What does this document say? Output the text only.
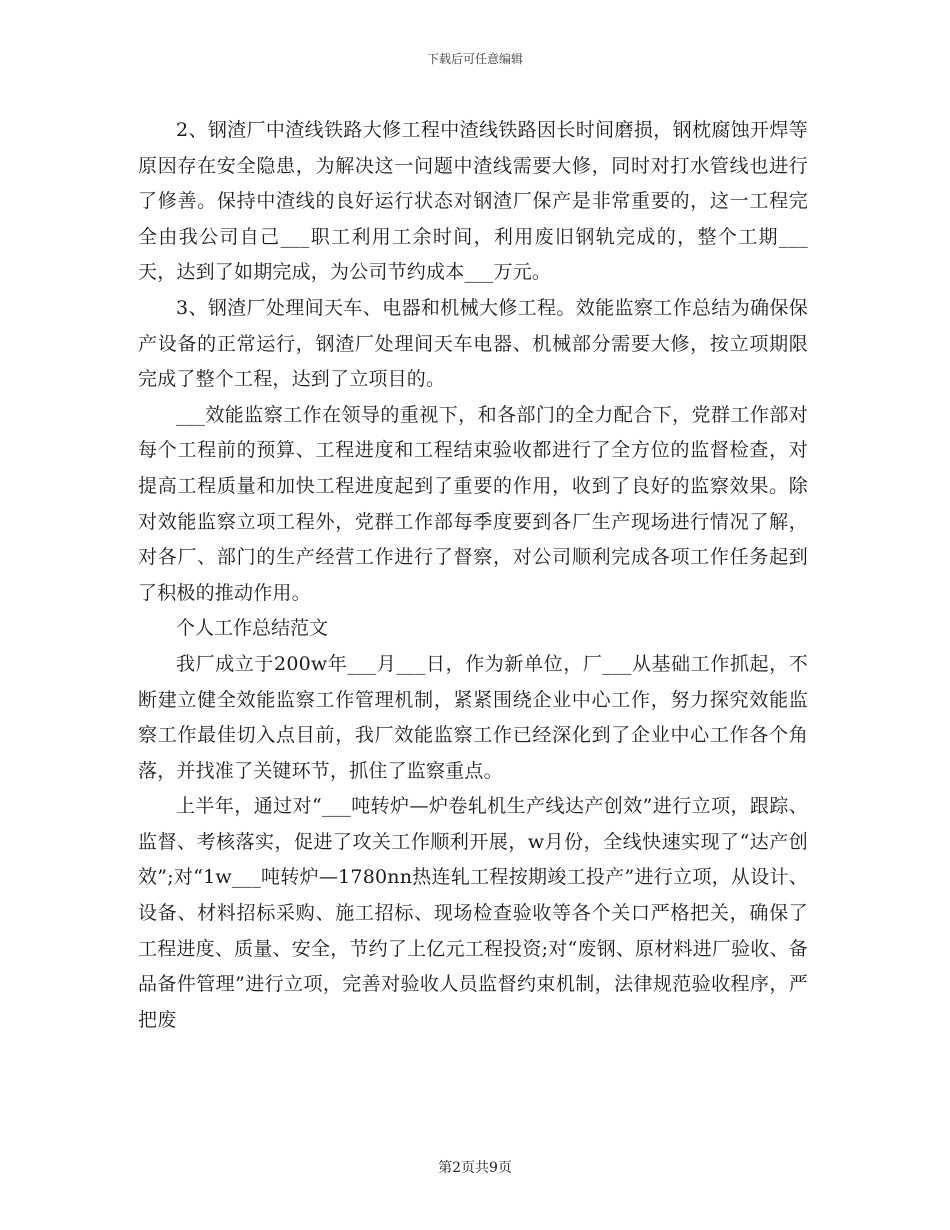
下载后可任意编辑

2、钢渣厂中渣线铁路大修工程中渣线铁路因长时间磨损，钢枕腐蚀开焊等原因存在安全隐患，为解决这一问题中渣线需要大修，同时对打水管线也进行了修善。保持中渣线的良好运行状态对钢渣厂保产是非常重要的，这一工程完全由我公司自己___职工利用工余时间，利用废旧钢轨完成的，整个工期___天，达到了如期完成，为公司节约成本___万元。

3、钢渣厂处理间天车、电器和机械大修工程。效能监察工作总结为确保保产设备的正常运行，钢渣厂处理间天车电器、机械部分需要大修，按立项期限完成了整个工程，达到了立项目的。

___效能监察工作在领导的重视下，和各部门的全力配合下，党群工作部对每个工程前的预算、工程进度和工程结束验收都进行了全方位的监督检查，对提高工程质量和加快工程进度起到了重要的作用，收到了良好的监察效果。除对效能监察立项工程外，党群工作部每季度要到各厂生产现场进行情况了解，对各厂、部门的生产经营工作进行了督察，对公司顺利完成各项工作任务起到了积极的推动作用。

个人工作总结范文

我厂成立于200w年___月___日，作为新单位，厂___从基础工作抓起，不断建立健全效能监察工作管理机制，紧紧围绕企业中心工作，努力探究效能监察工作最佳切入点目前，我厂效能监察工作已经深化到了企业中心工作各个角落，并找准了关键环节，抓住了监察重点。

上半年，通过对“___吨转炉—炉卷轧机生产线达产创效”进行立项，跟踪、监督、考核落实，促进了攻关工作顺利开展，w月份，全线快速实现了“达产创效”;对“1w___吨转炉—1780nn热连轧工程按期竣工投产”进行立项，从设计、设备、材料招标采购、施工招标、现场检查验收等各个关口严格把关，确保了工程进度、质量、安全，节约了上亿元工程投资;对“废钢、原材料进厂验收、备品备件管理”进行立项，完善对验收人员监督约束机制，法律规范验收程序，严把废

第2页共9页
